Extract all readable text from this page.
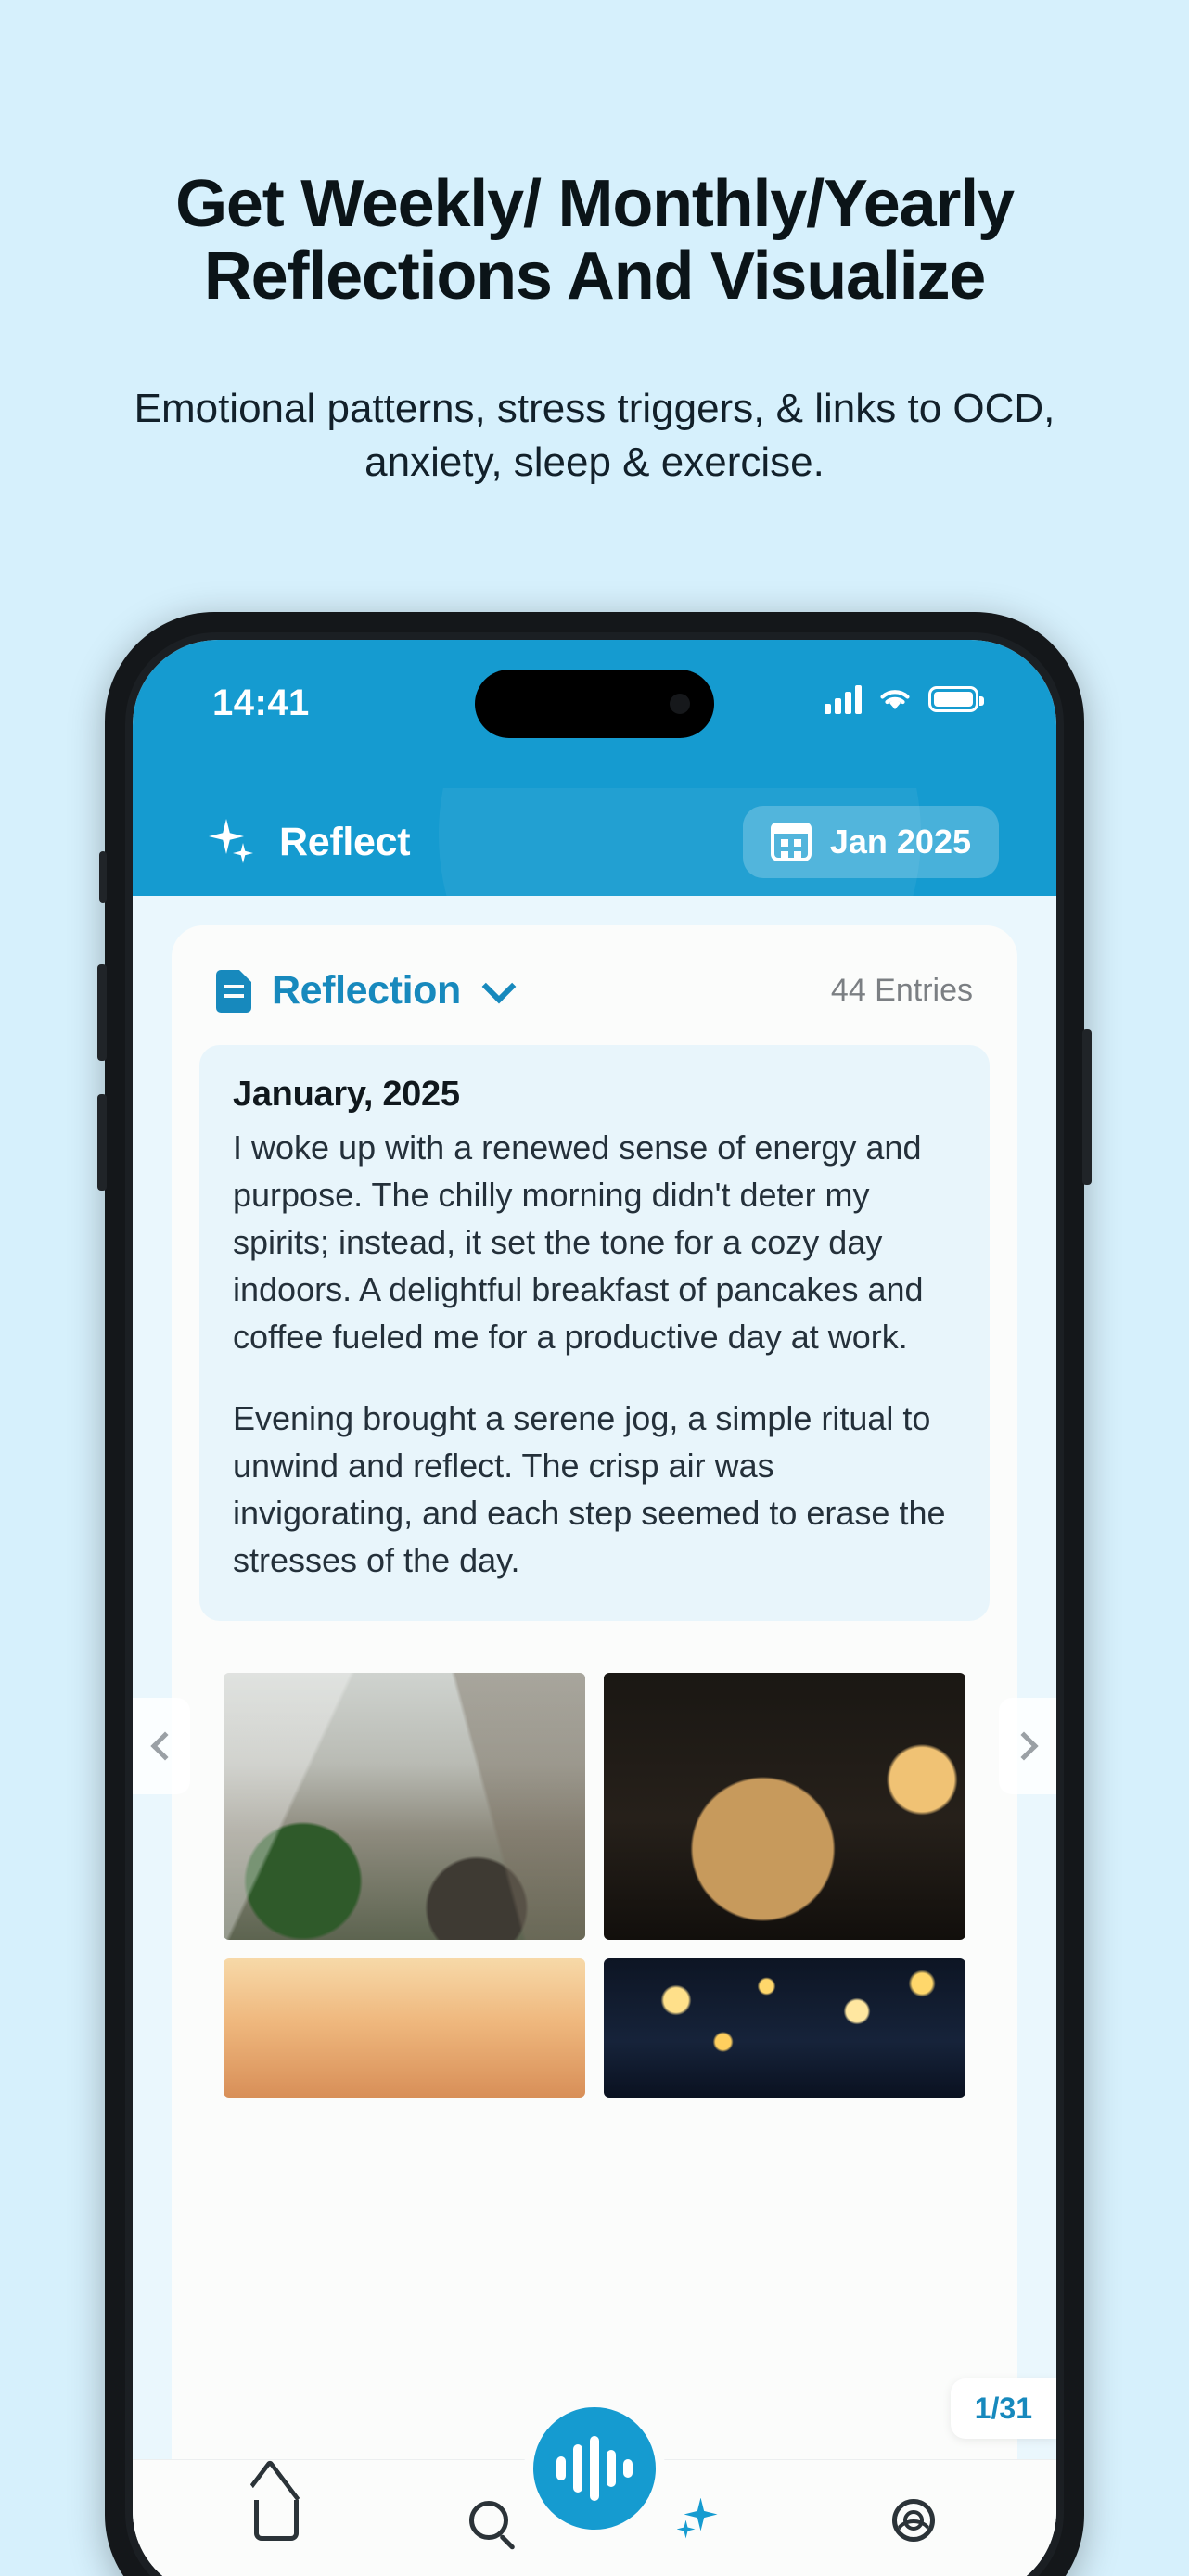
Get Weekly/ Monthly/Yearly Reflections And Visualize
Emotional patterns, stress triggers, & links to OCD, anxiety, sleep & exercise.
14:41
Reflect	Jan 2025
Reflection	44 Entries
January, 2025
I woke up with a renewed sense of energy and purpose. The chilly morning didn't deter my spirits; instead, it set the tone for a cozy day indoors. A delightful breakfast of pancakes and coffee fueled me for a productive day at work.
Evening brought a serene jog, a simple ritual to unwind and reflect. The crisp air was invigorating, and each step seemed to erase the stresses of the day.
1/31
